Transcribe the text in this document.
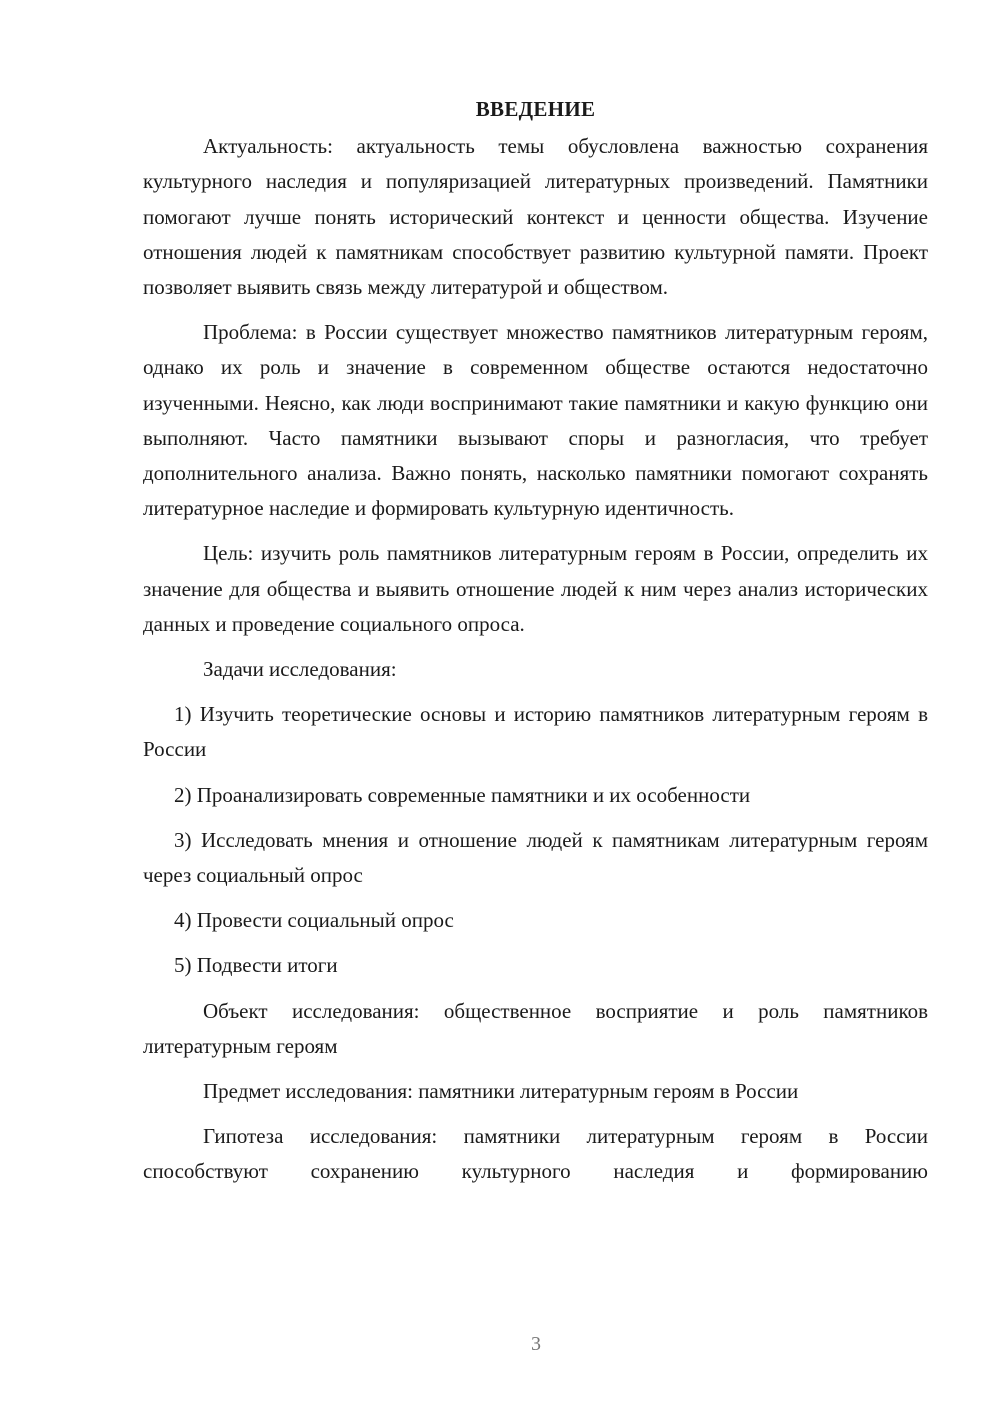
ВВЕДЕНИЕ

Актуальность: актуальность темы обусловлена важностью сохранения культурного наследия и популяризацией литературных произведений. Памятники помогают лучше понять исторический контекст и ценности общества. Изучение отношения людей к памятникам способствует развитию культурной памяти. Проект позволяет выявить связь между литературой и обществом.

Проблема: в России существует множество памятников литературным героям, однако их роль и значение в современном обществе остаются недостаточно изученными. Неясно, как люди воспринимают такие памятники и какую функцию они выполняют. Часто памятники вызывают споры и разногласия, что требует дополнительного анализа. Важно понять, насколько памятники помогают сохранять литературное наследие и формировать культурную идентичность.

Цель: изучить роль памятников литературным героям в России, определить их значение для общества и выявить отношение людей к ним через анализ исторических данных и проведение социального опроса.

Задачи исследования:

1) Изучить теоретические основы и историю памятников литературным героям в России

2) Проанализировать современные памятники и их особенности

3) Исследовать мнения и отношение людей к памятникам литературным героям через социальный опрос

4) Провести социальный опрос

5) Подвести итоги

Объект исследования: общественное восприятие и роль памятников литературным героям

Предмет исследования: памятники литературным героям в России

Гипотеза исследования: памятники литературным героям в России способствуют сохранению культурного наследия и формированию

3
